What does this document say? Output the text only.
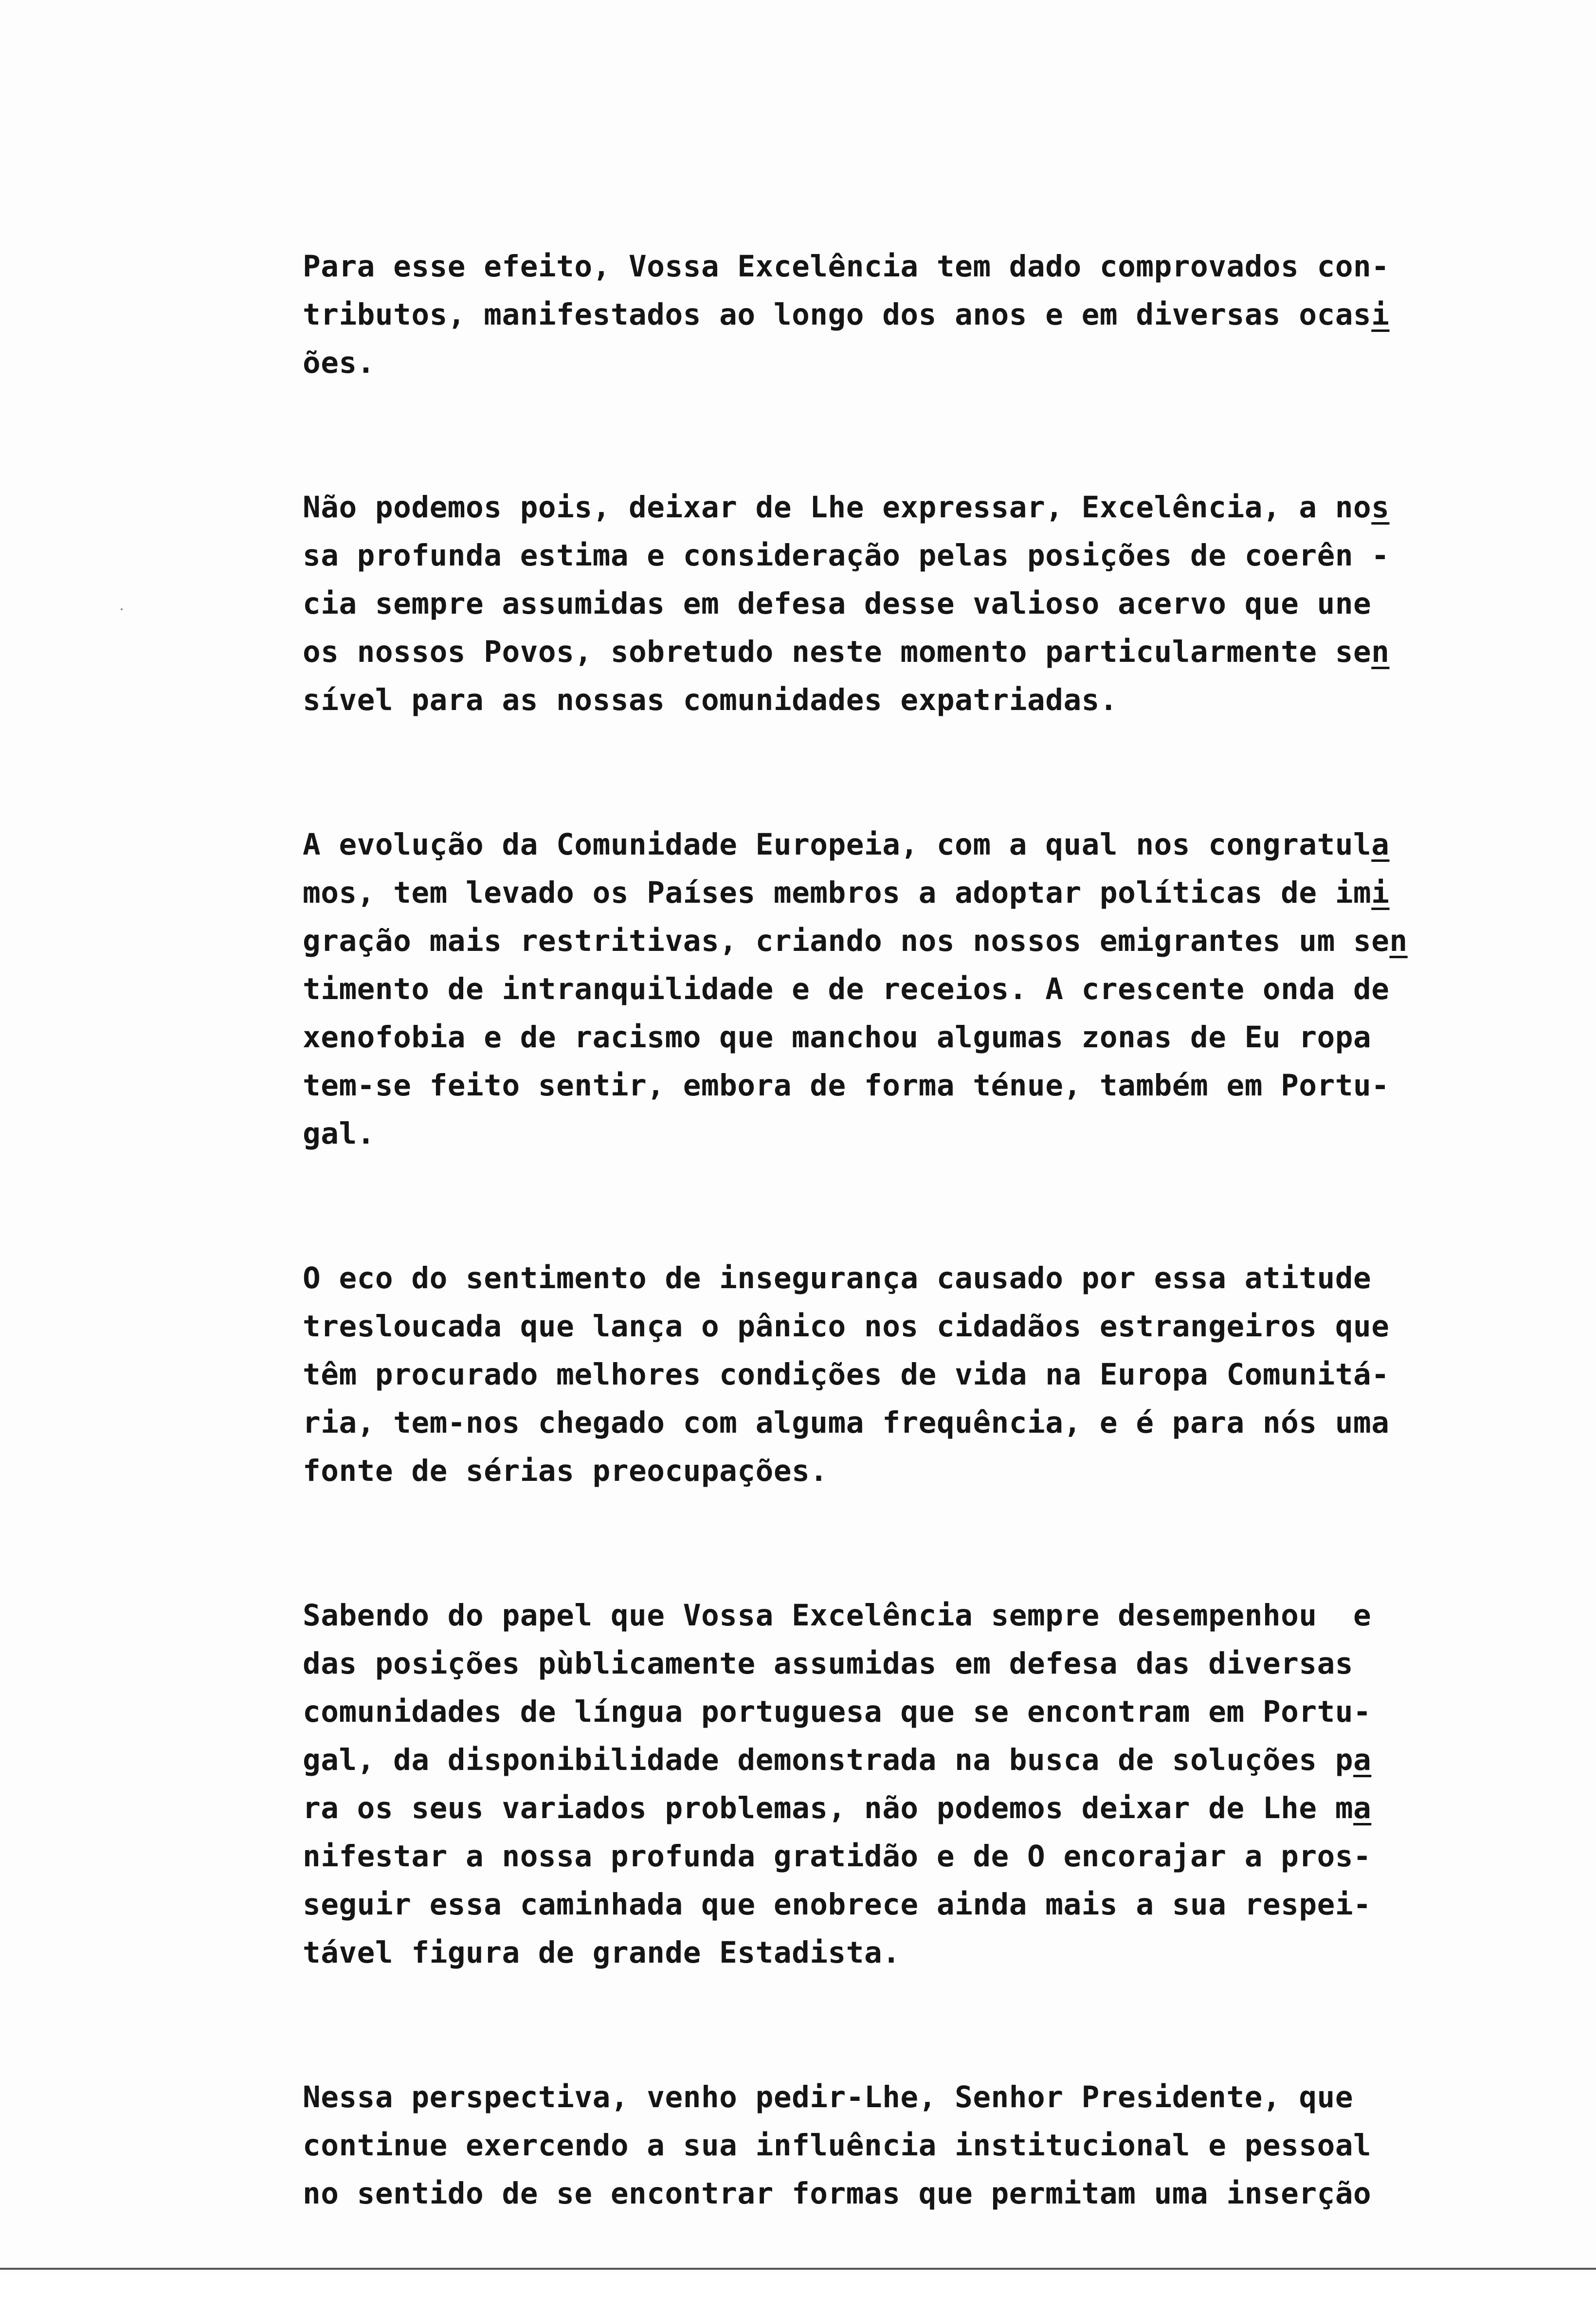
Para esse efeito, Vossa Excelência tem dado comprovados con-
tributos, manifestados ao longo dos anos e em diversas ocasi
ões.
Não podemos pois, deixar de Lhe expressar, Excelência, a nos
sa profunda estima e consideração pelas posições de coerên -
cia sempre assumidas em defesa desse valioso acervo que une
os nossos Povos, sobretudo neste momento particularmente sen
sível para as nossas comunidades expatriadas.
A evolução da Comunidade Europeia, com a qual nos congratula
mos, tem levado os Países membros a adoptar políticas de imi
gração mais restritivas, criando nos nossos emigrantes um sen
timento de intranquilidade e de receios. A crescente onda de
xenofobia e de racismo que manchou algumas zonas de Eu ropa
tem-se feito sentir, embora de forma ténue, também em Portu-
gal.
O eco do sentimento de insegurança causado por essa atitude
tresloucada que lança o pânico nos cidadãos estrangeiros que
têm procurado melhores condições de vida na Europa Comunitá-
ria, tem-nos chegado com alguma frequência, e é para nós uma
fonte de sérias preocupações.
Sabendo do papel que Vossa Excelência sempre desempenhou  e
das posições pùblicamente assumidas em defesa das diversas
comunidades de língua portuguesa que se encontram em Portu-
gal, da disponibilidade demonstrada na busca de soluções pa
ra os seus variados problemas, não podemos deixar de Lhe ma
nifestar a nossa profunda gratidão e de O encorajar a pros-
seguir essa caminhada que enobrece ainda mais a sua respei-
tável figura de grande Estadista.
Nessa perspectiva, venho pedir-Lhe, Senhor Presidente, que
continue exercendo a sua influência institucional e pessoal
no sentido de se encontrar formas que permitam uma inserção
